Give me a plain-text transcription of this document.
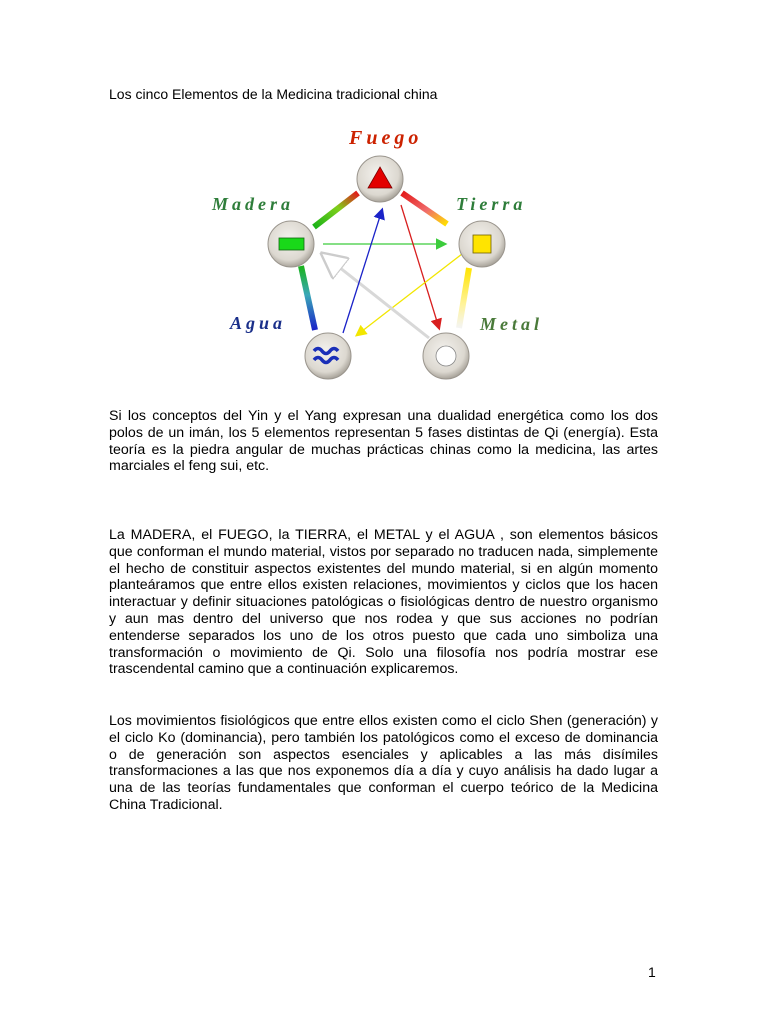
Los cinco Elementos de la Medicina tradicional china
Fuego
Madera	Tierra
Agua	Metal

Si los conceptos del Yin y el Yang expresan una dualidad energética como los dos polos de un imán, los 5 elementos representan 5 fases distintas de Qi (energía). Esta teoría es la piedra angular de muchas prácticas chinas como la medicina, las artes marciales el feng sui, etc.

La MADERA, el FUEGO, la TIERRA, el METAL y el AGUA , son elementos básicos que conforman el mundo material, vistos por separado no traducen nada, simplemente el hecho de constituir aspectos existentes del mundo material, si en algún momento planteáramos que entre ellos existen relaciones, movimientos y ciclos que los hacen interactuar y definir situaciones patológicas o fisiológicas dentro de nuestro organismo y aun mas dentro del universo que nos rodea y que sus acciones no podrían entenderse separados los uno de los otros puesto que cada uno simboliza una transformación o movimiento de Qi. Solo una filosofía nos podría mostrar ese trascendental camino que a continuación explicaremos.

Los movimientos fisiológicos que entre ellos existen como el ciclo Shen (generación) y el ciclo Ko (dominancia), pero también los patológicos como el exceso de dominancia o de generación son aspectos esenciales y aplicables a las más disímiles transformaciones a las que nos exponemos día a día y cuyo análisis ha dado lugar a una de las teorías fundamentales que conforman el cuerpo teórico de la Medicina China Tradicional.

1
